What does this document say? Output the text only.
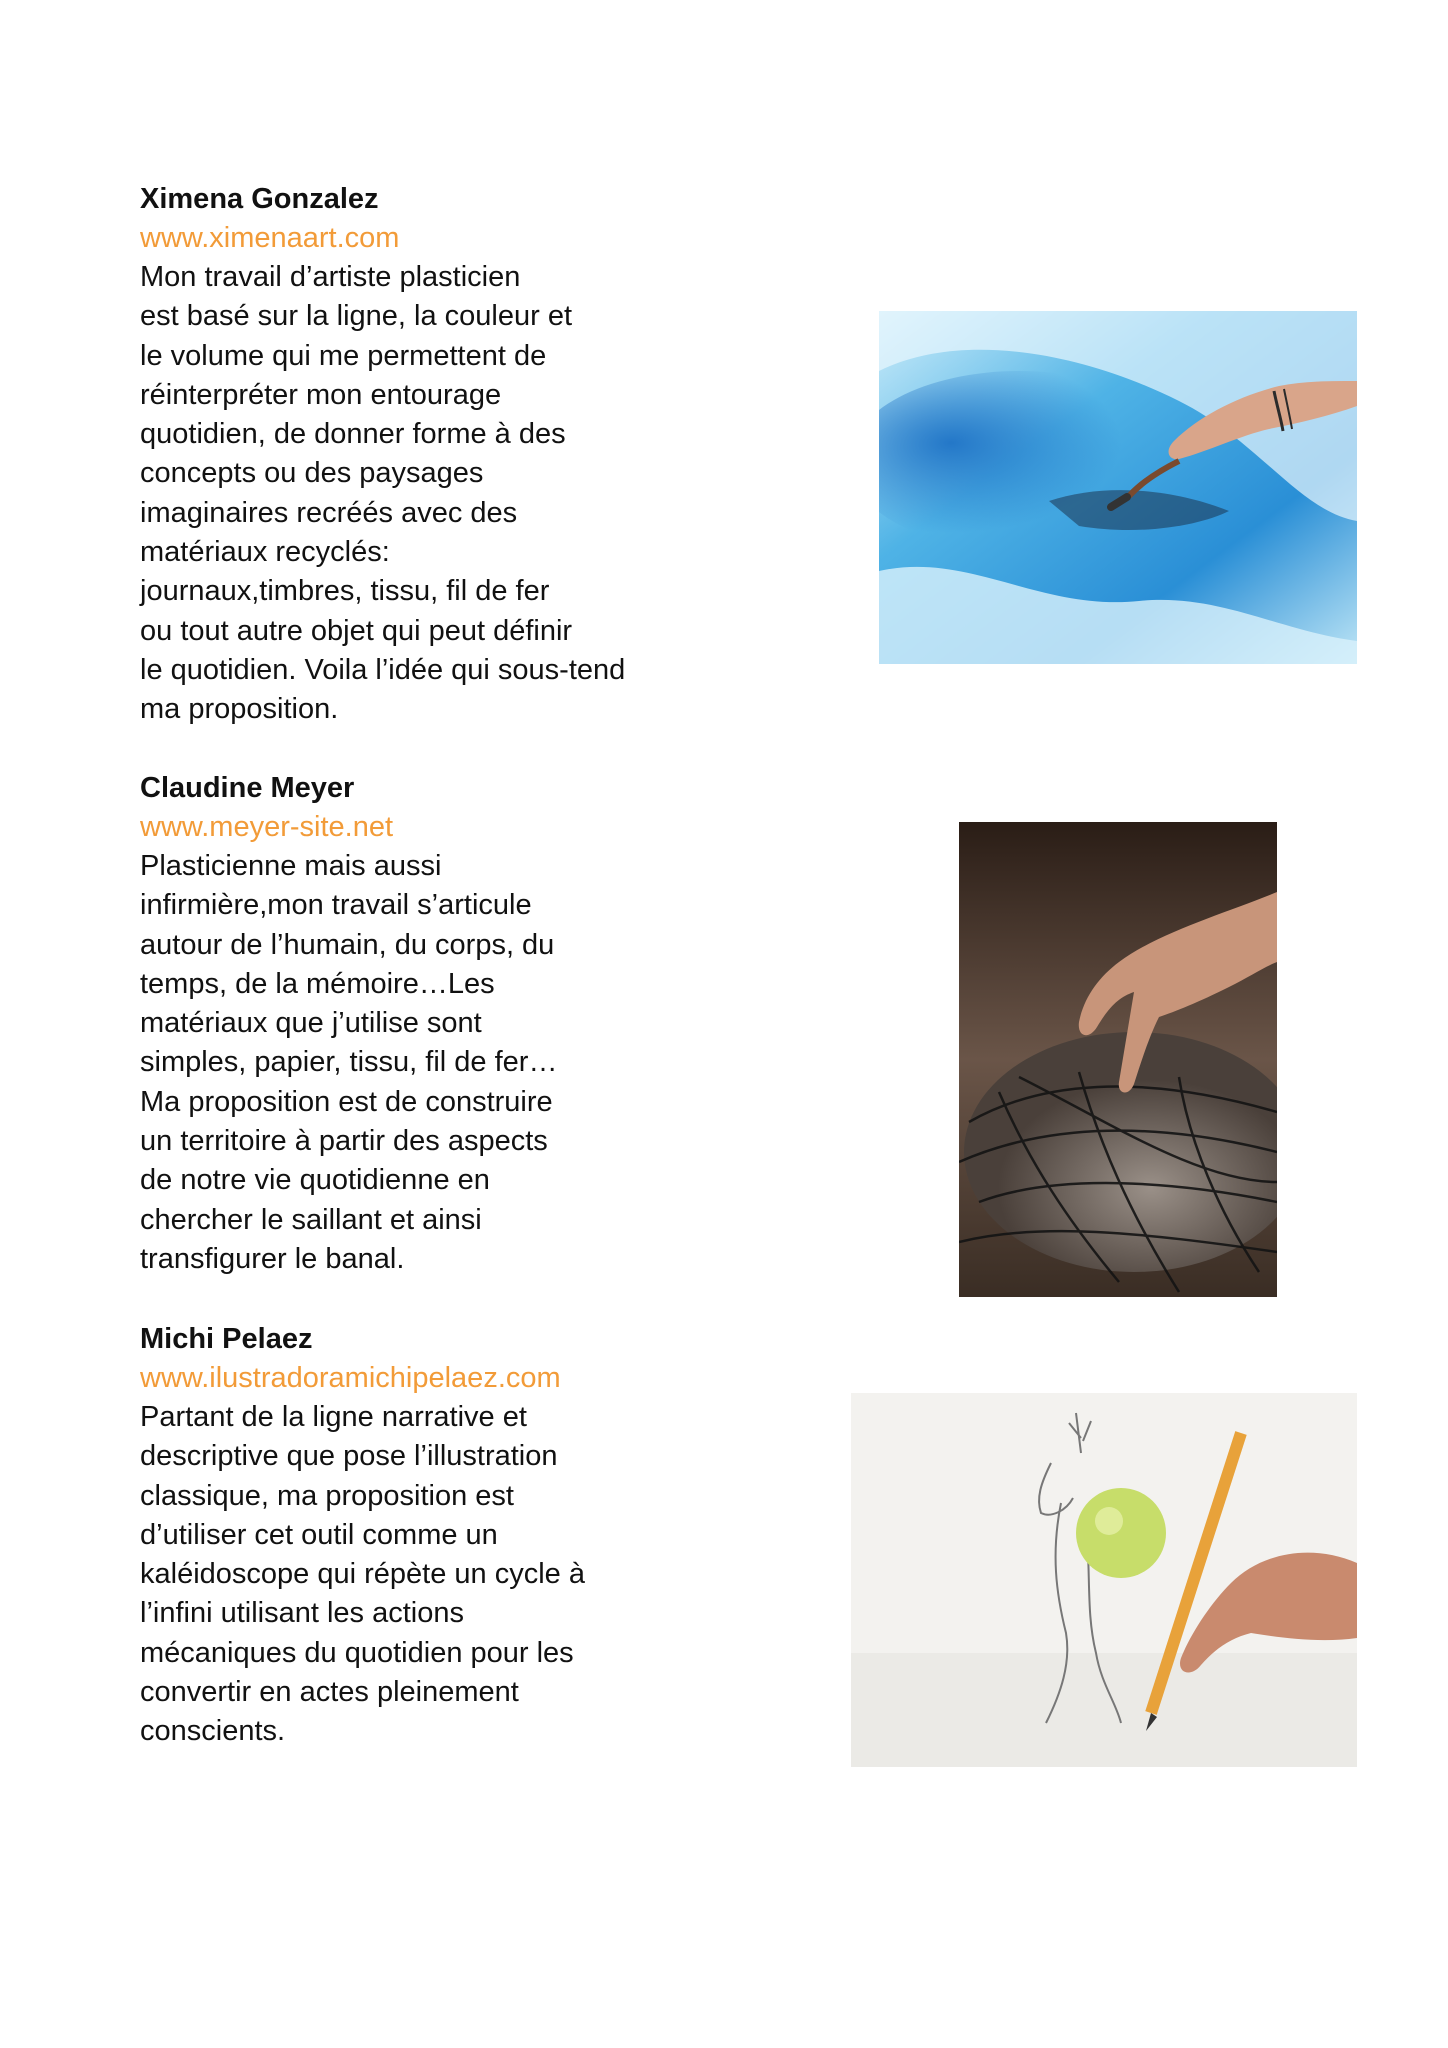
Ximena Gonzalez
www.ximenaart.com

Mon travail d’artiste plasticien
est basé sur la ligne, la couleur et
le volume qui me permettent de
réinterpréter mon entourage
quotidien, de donner forme à des
concepts ou des paysages
imaginaires recréés avec des
matériaux recyclés:
journaux,timbres, tissu, fil de fer
ou tout autre objet qui peut définir
le quotidien. Voila l’idée qui sous-tend
ma proposition.

Claudine Meyer
www.meyer-site.net

Plasticienne mais aussi
infirmière,mon travail s’articule
autour de l’humain, du corps, du
temps, de la mémoire…Les
matériaux que j’utilise sont
simples, papier, tissu, fil de fer…
Ma proposition est de construire
un territoire à partir des aspects
de notre vie quotidienne en
chercher le saillant et ainsi
transfigurer le banal.

Michi Pelaez
www.ilustradoramichipelaez.com

Partant de la ligne narrative et
descriptive que pose l’illustration
classique, ma proposition est
d’utiliser cet outil comme un
kaléidoscope qui répète un cycle à
l’infini utilisant les actions
mécaniques du quotidien pour les
convertir en actes pleinement
conscients.
